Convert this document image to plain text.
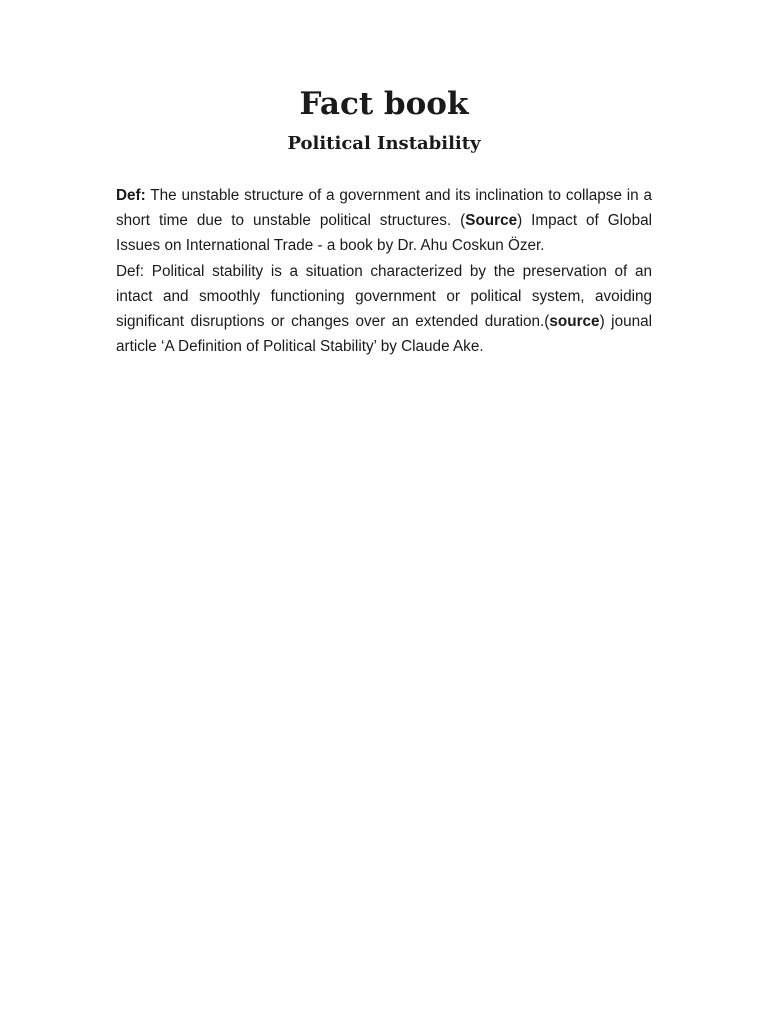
Fact book
Political Instability

Def: The unstable structure of a government and its inclination to collapse in a short time due to unstable political structures. (Source) Impact of Global Issues on International Trade - a book by Dr. Ahu Coskun Özer.

Def: Political stability is a situation characterized by the preservation of an intact and smoothly functioning government or political system, avoiding significant disruptions or changes over an extended duration.(source) jounal article ‘A Definition of Political Stability’ by Claude Ake.
